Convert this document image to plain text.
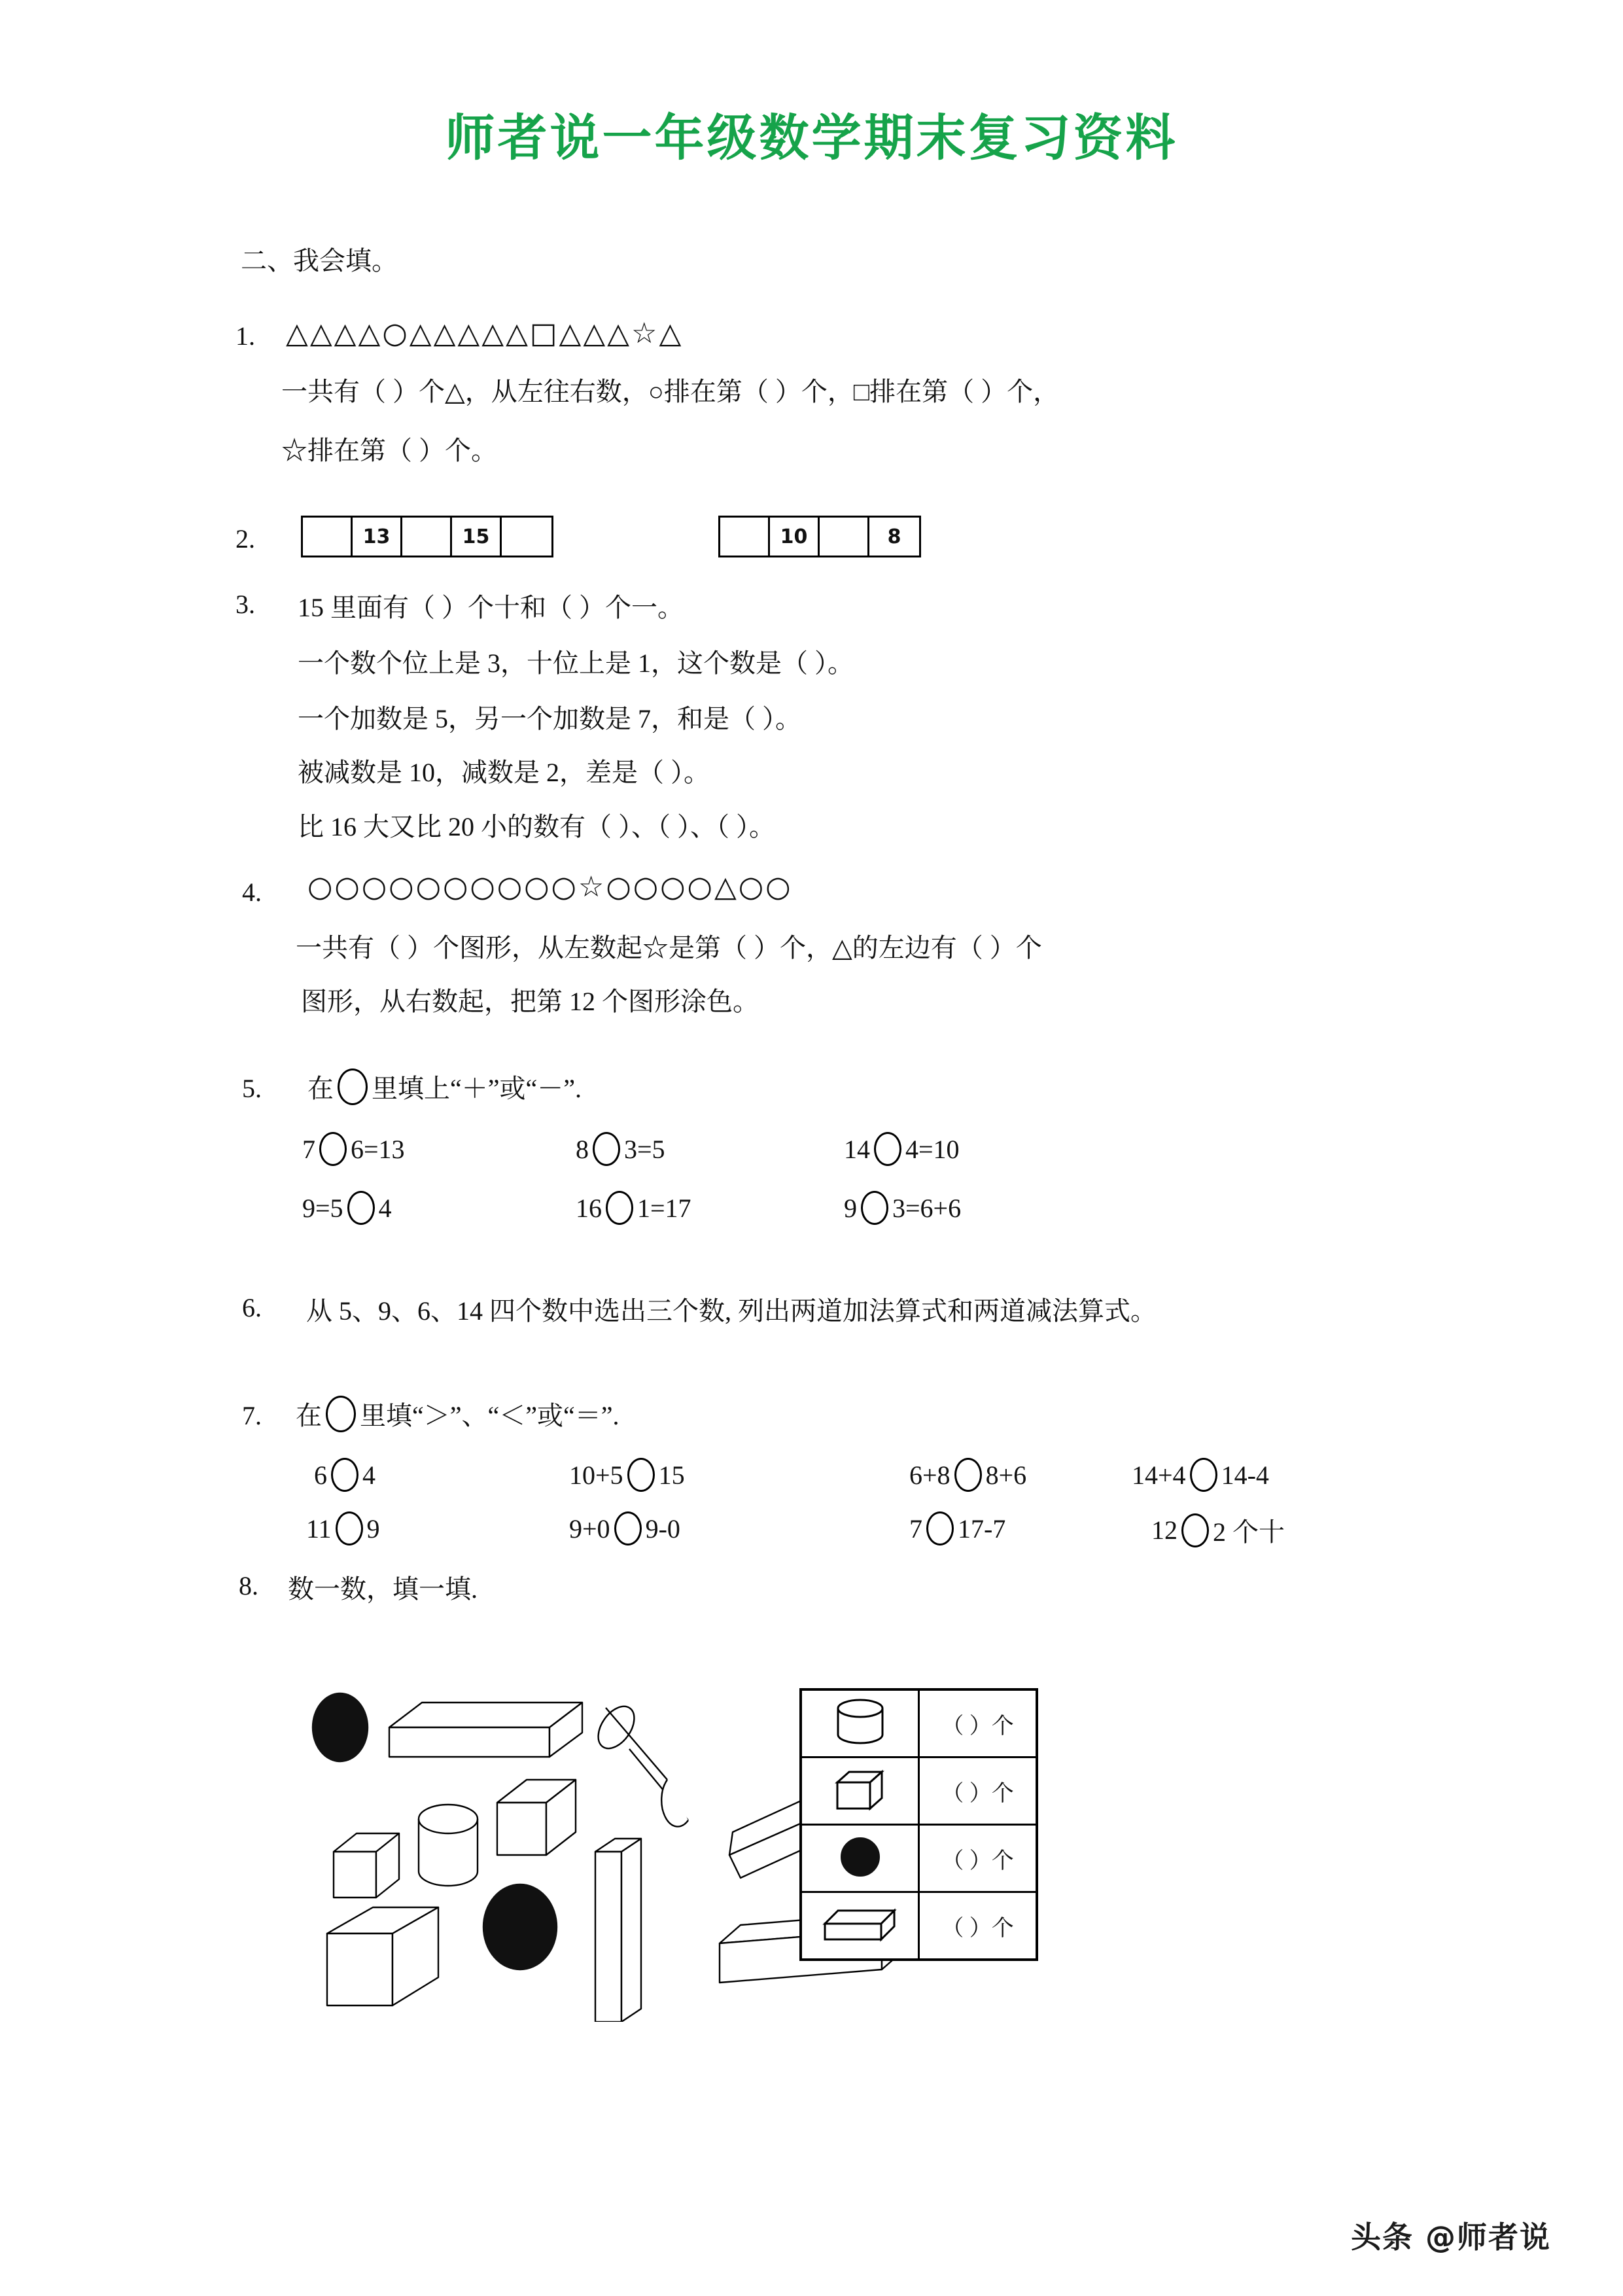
师者说一年级数学期末复习资料
二、我会填。
1. △△△△○△△△△△□△△△☆△
一共有（ ）个△，从左往右数，○排在第（ ）个，□排在第（ ）个，
☆排在第（ ）个。
2.	13	15	10	8
3. 15 里面有（ ）个十和（ ）个一。
一个数个位上是 3，十位上是 1，这个数是（ ）。
一个加数是 5，另一个加数是 7，和是（ ）。
被减数是 10，减数是 2，差是（ ）。
比 16 大又比 20 小的数有（ ）、（ ）、（ ）。
4. ○○○○○○○○○○☆○○○○△○○
一共有（ ）个图形，从左数起☆是第（ ）个，△的左边有（ ）个
图形，从右数起，把第 12 个图形涂色。
5. 在 里填上“＋”或“－”.
7 6=13	8 3=5	14 4=10
9=5 4	16 1=17	9 3=6+6
6. 从 5、9、6、14 四个数中选出三个数, 列出两道加法算式和两道减法算式。
7. 在 里填“＞”、“＜”或“＝”.
6 4	10+5 15	6+8 8+6	14+4 14-4
11 9	9+0 9-0	7 17-7	12 2 个十
8. 数一数，填一填.
	（ ）个
	（ ）个
	（ ）个
	（ ）个
头条 @师者说
